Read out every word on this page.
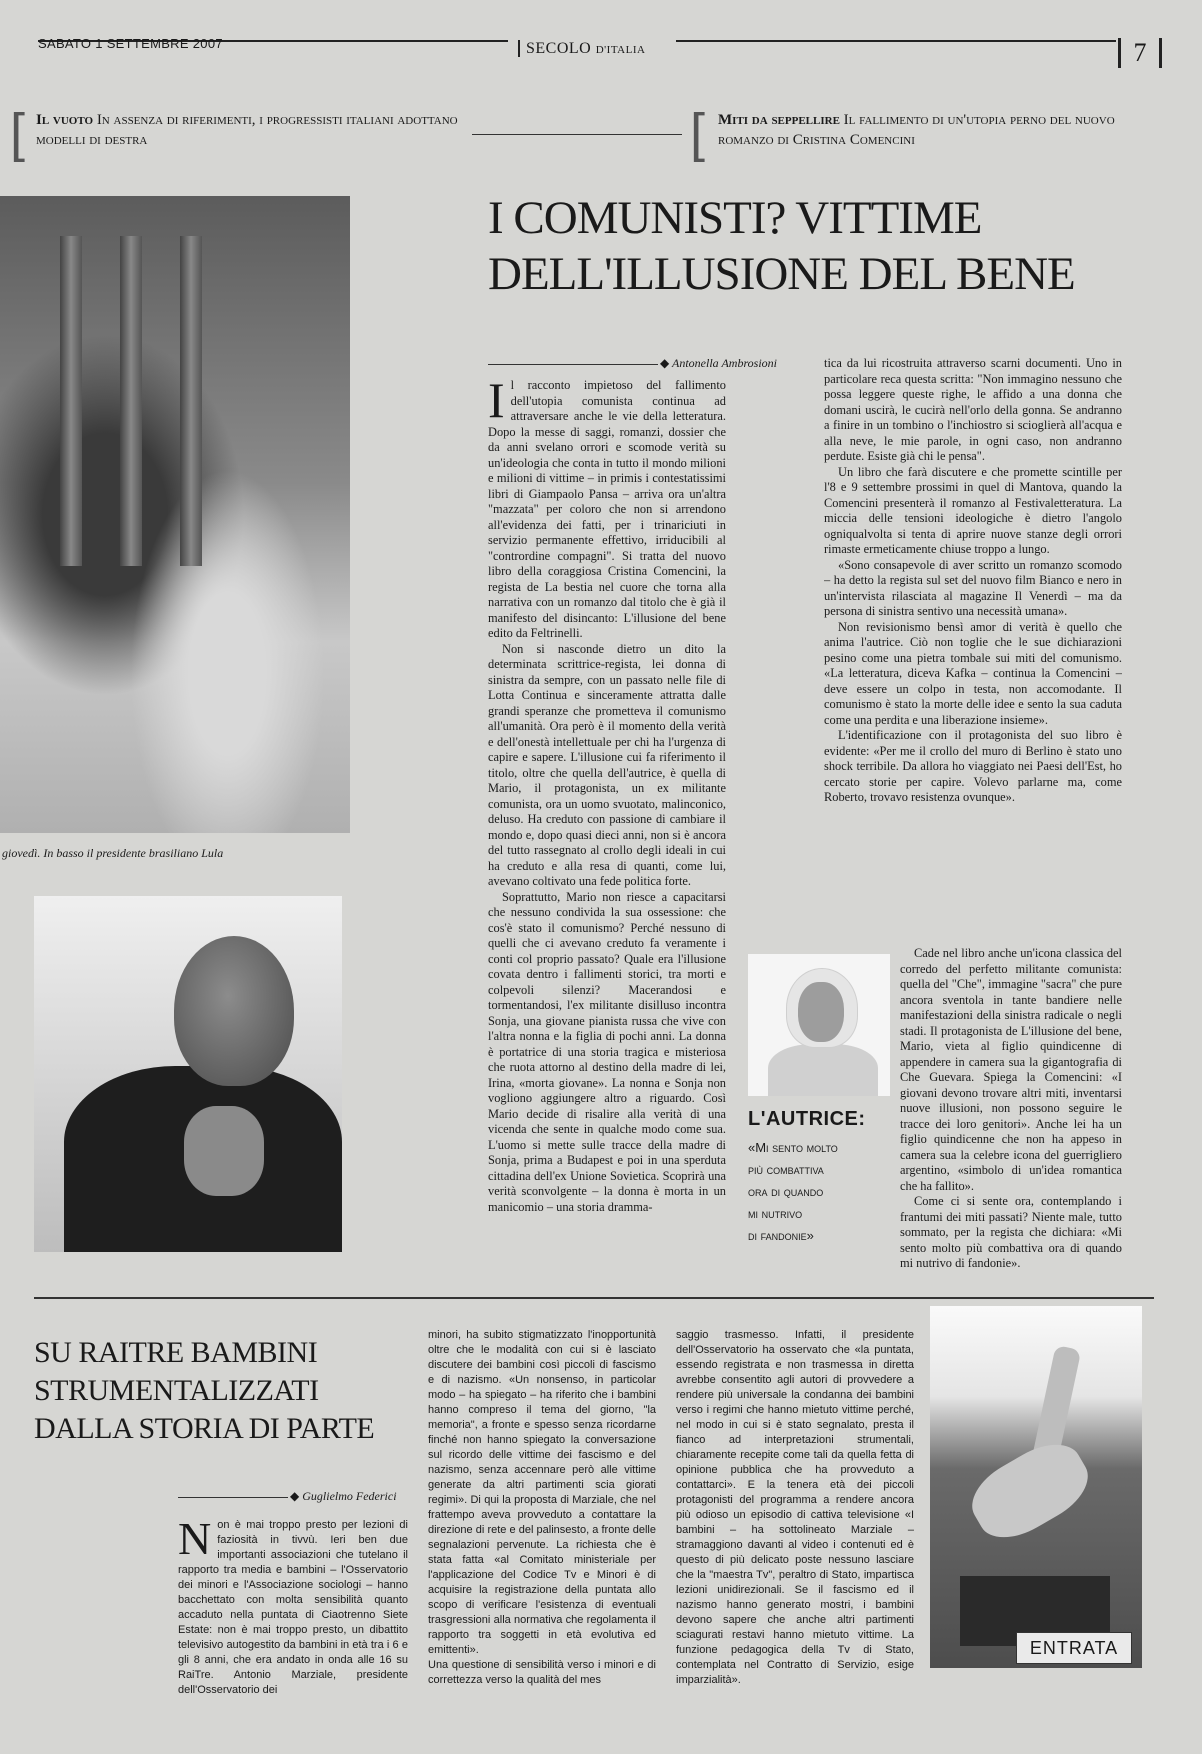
SABATO 1 SETTEMBRE 2007	SECOLO D'ITALIA	7
[ Il vuoto In assenza di riferimenti, i progressisti italiani adottano modelli di destra	[ Miti da seppellire Il fallimento di un'utopia perno del nuovo romanzo di Cristina Comencini
giovedì. In basso il presidente brasiliano Lula
I COMUNISTI? VITTIME
DELL'ILLUSIONE DEL BENE
◆ Antonella Ambrosioni

Il racconto impietoso del fallimento dell'utopia comunista continua ad attraversare anche le vie della letteratura. Dopo la messe di saggi, romanzi, dossier che da anni svelano orrori e scomode verità su un'ideologia che conta in tutto il mondo milioni e milioni di vittime – in primis i contestatissimi libri di Giampaolo Pansa – arriva ora un'altra "mazzata" per coloro che non si arrendono all'evidenza dei fatti, per i trinariciuti in servizio permanente effettivo, irriducibili al "contrordine compagni". Si tratta del nuovo libro della coraggiosa Cristina Comencini, la regista de La bestia nel cuore che torna alla narrativa con un romanzo dal titolo che è già il manifesto del disincanto: L'illusione del bene edito da Feltrinelli.

Non si nasconde dietro un dito la determinata scrittrice-regista, lei donna di sinistra da sempre, con un passato nelle file di Lotta Continua e sinceramente attratta dalle grandi speranze che prometteva il comunismo all'umanità. Ora però è il momento della verità e dell'onestà intellettuale per chi ha l'urgenza di capire e sapere. L'illusione cui fa riferimento il titolo, oltre che quella dell'autrice, è quella di Mario, il protagonista, un ex militante comunista, ora un uomo svuotato, malinconico, deluso. Ha creduto con passione di cambiare il mondo e, dopo quasi dieci anni, non si è ancora del tutto rassegnato al crollo degli ideali in cui ha creduto e alla resa di quanti, come lui, avevano coltivato una fede politica forte.

Soprattutto, Mario non riesce a capacitarsi che nessuno condivida la sua ossessione: che cos'è stato il comunismo? Perché nessuno di quelli che ci avevano creduto fa veramente i conti col proprio passato? Quale era l'illusione covata dentro i fallimenti storici, tra morti e colpevoli silenzi? Macerandosi e tormentandosi, l'ex militante disilluso incontra Sonja, una giovane pianista russa che vive con l'altra nonna e la figlia di pochi anni. La donna è portatrice di una storia tragica e misteriosa che ruota attorno al destino della madre di lei, Irina, «morta giovane». La nonna e Sonja non vogliono aggiungere altro a riguardo. Così Mario decide di risalire alla verità di una vicenda che sente in qualche modo come sua. L'uomo si mette sulle tracce della madre di Sonja, prima a Budapest e poi in una sperduta cittadina dell'ex Unione Sovietica. Scoprirà una verità sconvolgente – la donna è morta in un manicomio – una storia dramma-

tica da lui ricostruita attraverso scarni documenti. Uno in particolare reca questa scritta: "Non immagino nessuno che possa leggere queste righe, le affido a una donna che domani uscirà, le cucirà nell'orlo della gonna. Se andranno a finire in un tombino o l'inchiostro si scioglierà all'acqua e alla neve, le mie parole, in ogni caso, non andranno perdute. Esiste già chi le pensa".

Un libro che farà discutere e che promette scintille per l'8 e 9 settembre prossimi in quel di Mantova, quando la Comencini presenterà il romanzo al Festivaletteratura. La miccia delle tensioni ideologiche è dietro l'angolo ogniqualvolta si tenta di aprire nuove stanze degli orrori rimaste ermeticamente chiuse troppo a lungo.

«Sono consapevole di aver scritto un romanzo scomodo – ha detto la regista sul set del nuovo film Bianco e nero in un'intervista rilasciata al magazine Il Venerdì – ma da persona di sinistra sentivo una necessità umana».

Non revisionismo bensì amor di verità è quello che anima l'autrice. Ciò non toglie che le sue dichiarazioni pesino come una pietra tombale sui miti del comunismo. «La letteratura, diceva Kafka – continua la Comencini – deve essere un colpo in testa, non accomodante. Il comunismo è stato la morte delle idee e sento la sua caduta come una perdita e una liberazione insieme».

L'identificazione con il protagonista del suo libro è evidente: «Per me il crollo del muro di Berlino è stato uno shock terribile. Da allora ho viaggiato nei Paesi dell'Est, ho cercato storie per capire. Volevo parlarne ma, come Roberto, trovavo resistenza ovunque».

Cade nel libro anche un'icona classica del corredo del perfetto militante comunista: quella del "Che", immagine "sacra" che pure ancora sventola in tante bandiere nelle manifestazioni della sinistra radicale o negli stadi. Il protagonista de L'illusione del bene, Mario, vieta al figlio quindicenne di appendere in camera sua la gigantografia di Che Guevara. Spiega la Comencini: «I giovani devono trovare altri miti, inventarsi nuove illusioni, non possono seguire le tracce dei loro genitori». Anche lei ha un figlio quindicenne che non ha appeso in camera sua la celebre icona del guerrigliero argentino, «simbolo di un'idea romantica che ha fallito».

Come ci si sente ora, contemplando i frantumi dei miti passati? Niente male, tutto sommato, per la regista che dichiara: «Mi sento molto più combattiva ora di quando mi nutrivo di fandonie».

L'AUTRICE:
«Mi sento molto
più combattiva
ora di quando
mi nutrivo
di fandonie»
SU RAITRE BAMBINI
STRUMENTALIZZATI
DALLA STORIA DI PARTE
◆ Guglielmo Federici

Non è mai troppo presto per lezioni di faziosità in tivvù. Ieri ben due importanti associazioni che tutelano il rapporto tra media e bambini – l'Osservatorio dei minori e l'Associazione sociologi – hanno bacchettato con molta sensibilità quanto accaduto nella puntata di Ciaotrenno Siete Estate: non è mai troppo presto, un dibattito televisivo autogestito da bambini in età tra i 6 e gli 8 anni, che era andato in onda alle 16 su RaiTre. Antonio Marziale, presidente dell'Osservatorio dei

minori, ha subito stigmatizzato l'inopportunità oltre che le modalità con cui si è lasciato discutere dei bambini così piccoli di fascismo e di nazismo. «Un nonsenso, in particolar modo – ha spiegato – ha riferito che i bambini hanno compreso il tema del giorno, "la memoria", a fronte e spesso senza ricordarne finché non hanno spiegato la conversazione sul ricordo delle vittime dei fascismo e del nazismo, senza accennare però alle vittime generate da altri partimenti scia giorati regimi». Di qui la proposta di Marziale, che nel frattempo aveva provveduto a contattare la direzione di rete e del palinsesto, a fronte delle segnalazioni pervenute. La richiesta che è stata fatta «al Comitato ministeriale per l'applicazione del Codice Tv e Minori è di acquisire la registrazione della puntata allo scopo di verificare l'esistenza di eventuali trasgressioni alla normativa che regolamenta il rapporto tra soggetti in età evolutiva ed emittenti».

Una questione di sensibilità verso i minori e di correttezza verso la qualità del mes

saggio trasmesso. Infatti, il presidente dell'Osservatorio ha osservato che «la puntata, essendo registrata e non trasmessa in diretta avrebbe consentito agli autori di provvedere a rendere più universale la condanna dei bambini verso i regimi che hanno mietuto vittime perché, nel modo in cui si è stato segnalato, presta il fianco ad interpretazioni strumentali, chiaramente recepite come tali da quella fetta di opinione pubblica che ha provveduto a contattarci». E la tenera età dei piccoli protagonisti del programma a rendere ancora più odioso un episodio di cattiva televisione «I bambini – ha sottolineato Marziale – stramaggiono davanti al video i contenuti ed è questo di più delicato poste nessuno lasciare che la "maestra Tv", peraltro di Stato, impartisca lezioni unidirezionali. Se il fascismo ed il nazismo hanno generato mostri, i bambini devono sapere che anche altri partimenti sciagurati restavi hanno mietuto vittime. La funzione pedagogica della Tv di Stato, contemplata nel Contratto di Servizio, esige imparzialità».

ENTRATA
